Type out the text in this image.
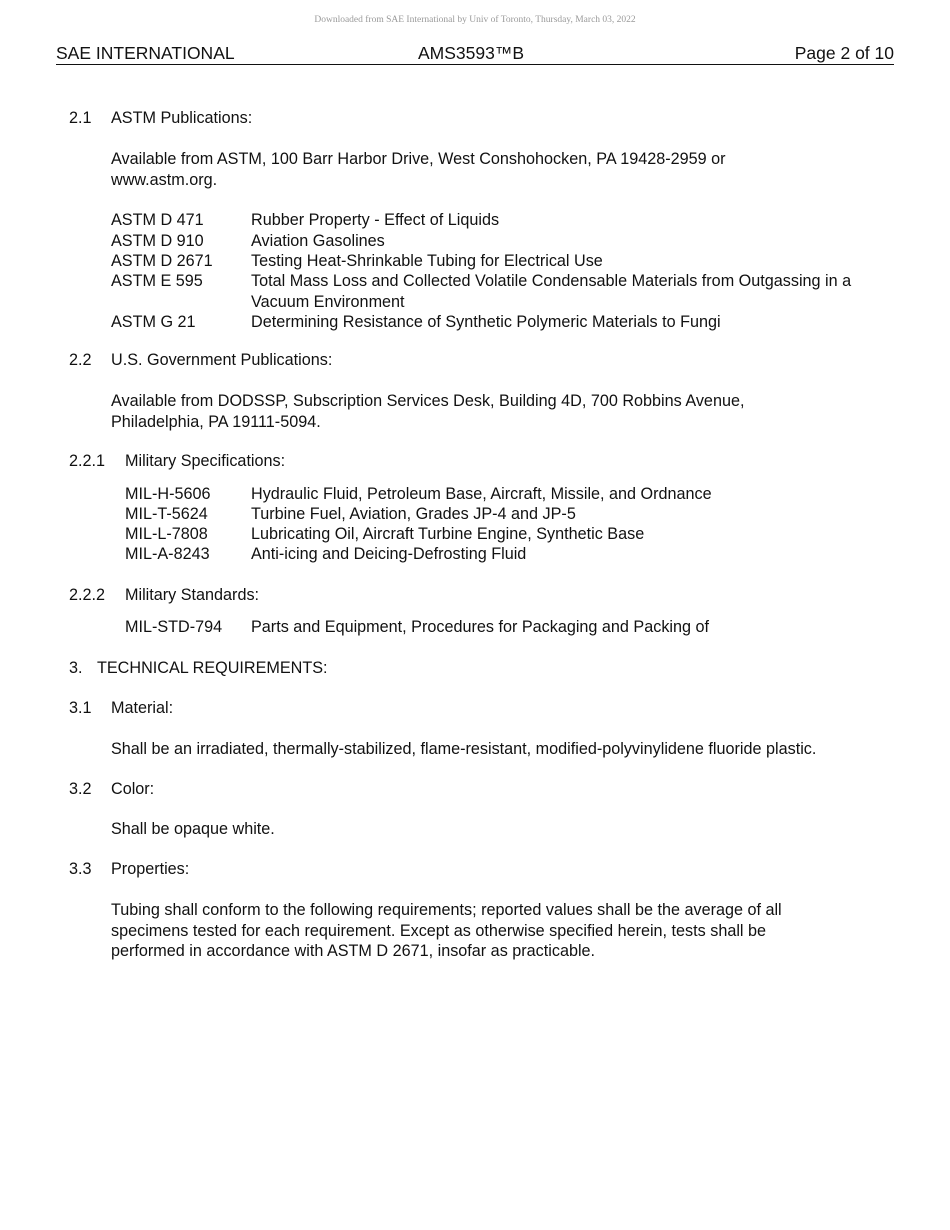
Downloaded from SAE International by Univ of Toronto, Thursday, March 03, 2022
SAE INTERNATIONAL	AMS3593™B	Page 2 of 10
2.1 ASTM Publications:
Available from ASTM, 100 Barr Harbor Drive, West Conshohocken, PA 19428-2959 or www.astm.org.
ASTM D 471	Rubber Property - Effect of Liquids
ASTM D 910	Aviation Gasolines
ASTM D 2671 Testing Heat-Shrinkable Tubing for Electrical Use
ASTM E 595	Total Mass Loss and Collected Volatile Condensable Materials from Outgassing in a Vacuum Environment
ASTM G 21	Determining Resistance of Synthetic Polymeric Materials to Fungi
2.2 U.S. Government Publications:
Available from DODSSP, Subscription Services Desk, Building 4D, 700 Robbins Avenue, Philadelphia, PA 19111-5094.
2.2.1 Military Specifications:
MIL-H-5606	Hydraulic Fluid, Petroleum Base, Aircraft, Missile, and Ordnance
MIL-T-5624	Turbine Fuel, Aviation, Grades JP-4 and JP-5
MIL-L-7808	Lubricating Oil, Aircraft Turbine Engine, Synthetic Base
MIL-A-8243	Anti-icing and Deicing-Defrosting Fluid
2.2.2 Military Standards:
MIL-STD-794 Parts and Equipment, Procedures for Packaging and Packing of
3. TECHNICAL REQUIREMENTS:
3.1 Material:
Shall be an irradiated, thermally-stabilized, flame-resistant, modified-polyvinylidene fluoride plastic.
3.2 Color:
Shall be opaque white.
3.3 Properties:
Tubing shall conform to the following requirements; reported values shall be the average of all specimens tested for each requirement. Except as otherwise specified herein, tests shall be performed in accordance with ASTM D 2671, insofar as practicable.
